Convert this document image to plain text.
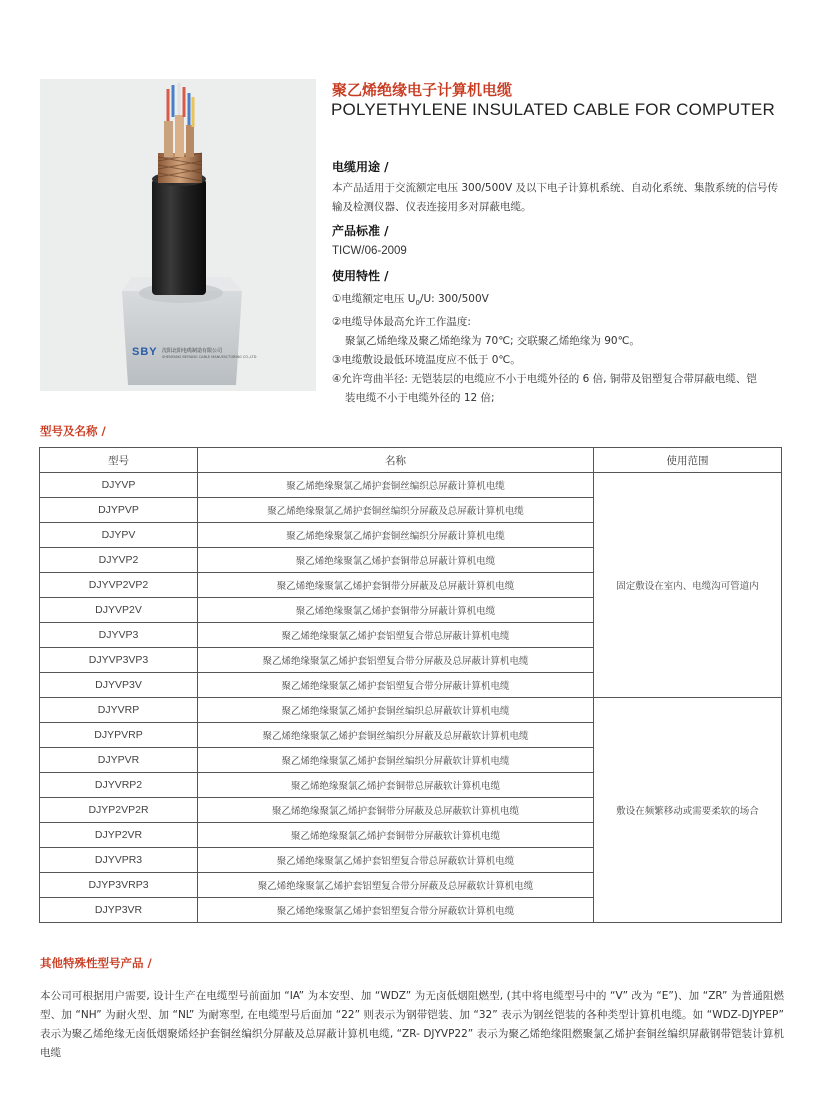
SBY 沈阳北阳电缆制造有限公司
SHENYANG BEIYANG CABLE MANUFACTURING CO.,LTD
聚乙烯绝缘电子计算机电缆
POLYETHYLENE INSULATED CABLE FOR COMPUTER
电缆用途 /
本产品适用于交流额定电压 300/500V 及以下电子计算机系统、自动化系统、集散系统的信号传输及检测仪器、仪表连接用多对屏蔽电缆。
产品标准 /
TICW/06-2009
使用特性 /
①电缆额定电压 $U_0/U$: 300/500V
②电缆导体最高允许工作温度:
聚氯乙烯绝缘及聚乙烯绝缘为 70℃; 交联聚乙烯绝缘为 90℃。
③电缆敷设最低环境温度应不低于 0℃。
④允许弯曲半径: 无铠装层的电缆应不小于电缆外径的 6 倍, 铜带及铝塑复合带屏蔽电缆、铠
装电缆不小于电缆外径的 12 倍;
型号及名称 /
型号	名称	使用范围
DJYVP	聚乙烯绝缘聚氯乙烯护套铜丝编织总屏蔽计算机电缆	固定敷设在室内、电缆沟可管道内
DJYPVP	聚乙烯绝缘聚氯乙烯护套铜丝编织分屏蔽及总屏蔽计算机电缆	
DJYPV	聚乙烯绝缘聚氯乙烯护套铜丝编织分屏蔽计算机电缆	
DJYVP2	聚乙烯绝缘聚氯乙烯护套铜带总屏蔽计算机电缆	
DJYVP2VP2	聚乙烯绝缘聚氯乙烯护套铜带分屏蔽及总屏蔽计算机电缆	
DJYVP2V	聚乙烯绝缘聚氯乙烯护套铜带分屏蔽计算机电缆	
DJYVP3	聚乙烯绝缘聚氯乙烯护套铝塑复合带总屏蔽计算机电缆	
DJYVP3VP3	聚乙烯绝缘聚氯乙烯护套铝塑复合带分屏蔽及总屏蔽计算机电缆	
DJYVP3V	聚乙烯绝缘聚氯乙烯护套铝塑复合带分屏蔽计算机电缆	
DJYVRP	聚乙烯绝缘聚氯乙烯护套铜丝编织总屏蔽软计算机电缆	敷设在频繁移动或需要柔软的场合
DJYPVRP	聚乙烯绝缘聚氯乙烯护套铜丝编织分屏蔽及总屏蔽软计算机电缆	
DJYPVR	聚乙烯绝缘聚氯乙烯护套铜丝编织分屏蔽软计算机电缆	
DJYVRP2	聚乙烯绝缘聚氯乙烯护套铜带总屏蔽软计算机电缆	
DJYP2VP2R	聚乙烯绝缘聚氯乙烯护套铜带分屏蔽及总屏蔽软计算机电缆	
DJYP2VR	聚乙烯绝缘聚氯乙烯护套铜带分屏蔽软计算机电缆	
DJYVPR3	聚乙烯绝缘聚氯乙烯护套铝塑复合带总屏蔽软计算机电缆	
DJYP3VRP3	聚乙烯绝缘聚氯乙烯护套铝塑复合带分屏蔽及总屏蔽软计算机电缆	
DJYP3VR	聚乙烯绝缘聚氯乙烯护套铝塑复合带分屏蔽软计算机电缆	
其他特殊性型号产品 /
本公司可根据用户需要, 设计生产在电缆型号前面加 “IA” 为本安型、加 “WDZ” 为无卤低烟阻燃型, (其中将电缆型号中的 “V” 改为 “E”)、加 “ZR” 为普通阻燃型、加 “NH” 为耐火型、加 “NL” 为耐寒型, 在电缆型号后面加 “22” 则表示为钢带铠装、加 “32” 表示为钢丝铠装的各种类型计算机电缆。如 “WDZ-DJYPEP” 表示为聚乙烯绝缘无卤低烟聚烯烃护套铜丝编织分屏蔽及总屏蔽计算机电缆, “ZR- DJYVP22” 表示为聚乙烯绝缘阻燃聚氯乙烯护套铜丝编织屏蔽钢带铠装计算机电缆
